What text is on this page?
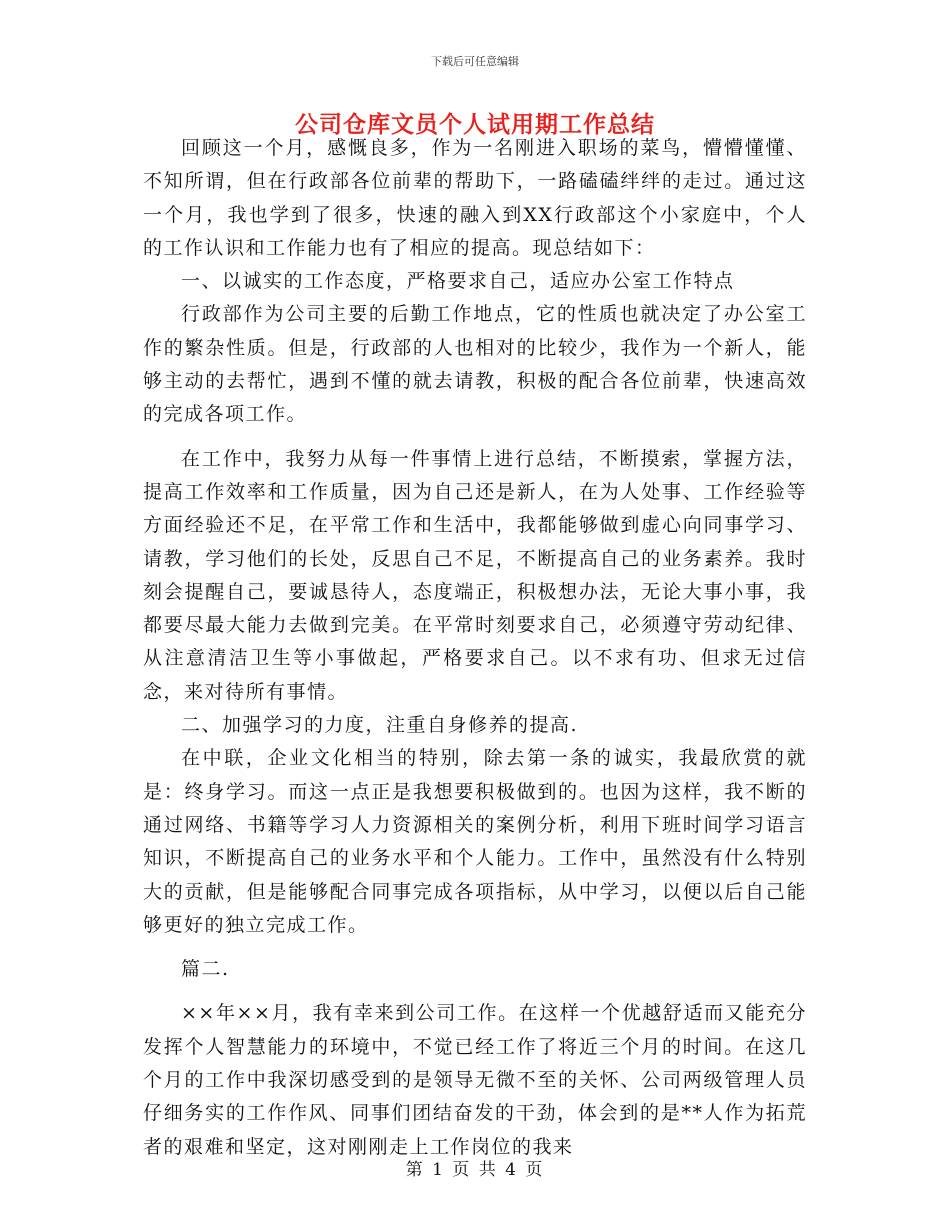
下载后可任意编辑
公司仓库文员个人试用期工作总结

回顾这一个月，感慨良多，作为一名刚进入职场的菜鸟，懵懵懂懂、不知所谓，但在行政部各位前辈的帮助下，一路磕磕绊绊的走过。通过这一个月，我也学到了很多，快速的融入到XX行政部这个小家庭中，个人的工作认识和工作能力也有了相应的提高。现总结如下：

一、以诚实的工作态度，严格要求自己，适应办公室工作特点

行政部作为公司主要的后勤工作地点，它的性质也就决定了办公室工作的繁杂性质。但是，行政部的人也相对的比较少，我作为一个新人，能够主动的去帮忙，遇到不懂的就去请教，积极的配合各位前辈，快速高效的完成各项工作。

在工作中，我努力从每一件事情上进行总结，不断摸索，掌握方法，提高工作效率和工作质量，因为自己还是新人，在为人处事、工作经验等方面经验还不足，在平常工作和生活中，我都能够做到虚心向同事学习、请教，学习他们的长处，反思自己不足，不断提高自己的业务素养。我时刻会提醒自己，要诚恳待人，态度端正，积极想办法，无论大事小事，我都要尽最大能力去做到完美。在平常时刻要求自己，必须遵守劳动纪律、从注意清洁卫生等小事做起，严格要求自己。以不求有功、但求无过信念，来对待所有事情。

二、加强学习的力度，注重自身修养的提高.

在中联，企业文化相当的特别，除去第一条的诚实，我最欣赏的就是：终身学习。而这一点正是我想要积极做到的。也因为这样，我不断的通过网络、书籍等学习人力资源相关的案例分析，利用下班时间学习语言知识，不断提高自己的业务水平和个人能力。工作中，虽然没有什么特别大的贡献，但是能够配合同事完成各项指标，从中学习，以便以后自己能够更好的独立完成工作。

篇二.

××年××月，我有幸来到公司工作。在这样一个优越舒适而又能充分发挥个人智慧能力的环境中，不觉已经工作了将近三个月的时间。在这几个月的工作中我深切感受到的是领导无微不至的关怀、公司两级管理人员仔细务实的工作作风、同事们团结奋发的干劲，体会到的是**人作为拓荒者的艰难和坚定，这对刚刚走上工作岗位的我来

第 1 页 共 4 页
